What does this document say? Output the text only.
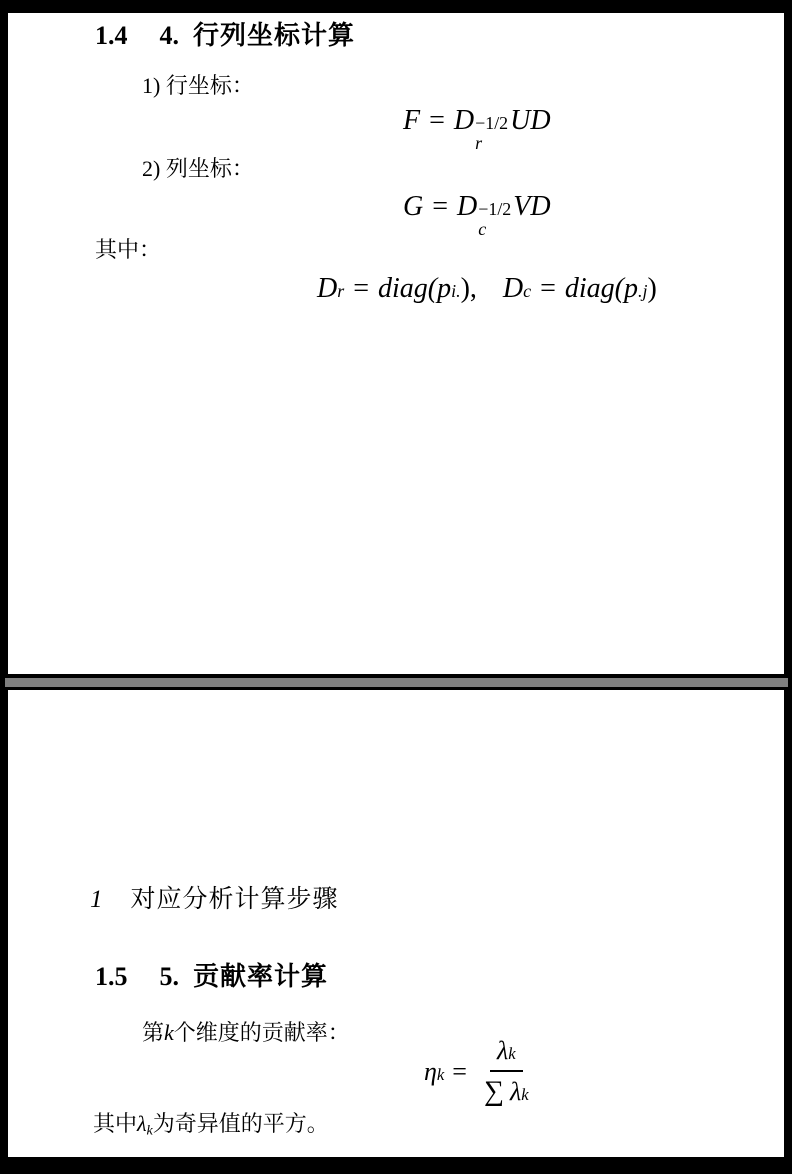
1.4 4. 行列坐标计算
1) 行坐标：
F = D −1/2
r
UD
2) 列坐标：
G = D −1/2
c
VD
其中：
D r = diag( p i. ), D c = diag( p .j )
1 对应分析计算步骤
1.5 5. 贡献率计算
第k个维度的贡献率：
η $k = \frac{\text{λ k}}{\text{∑ λ k}}$
其中λk为奇异值的平方。
